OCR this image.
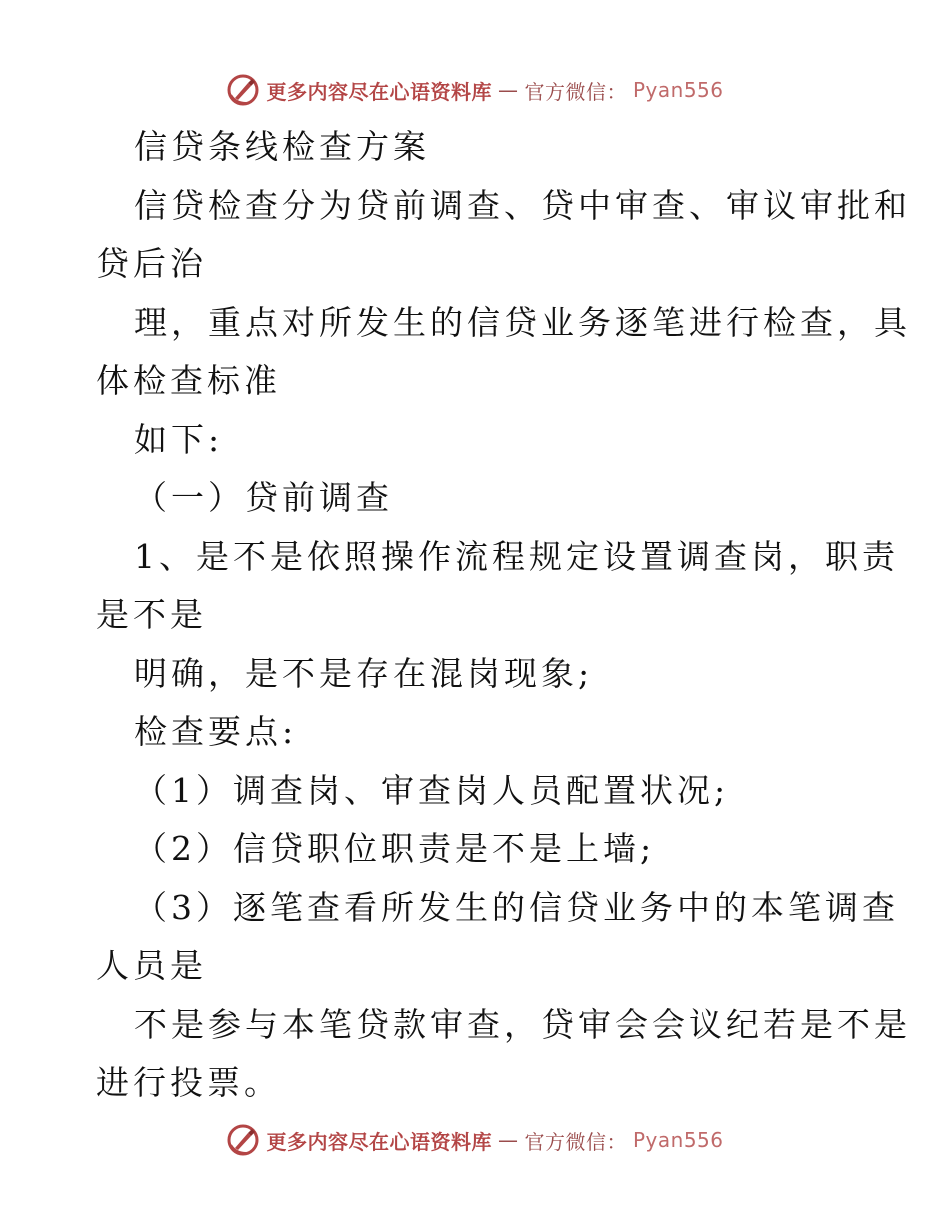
更多内容尽在心语资料库 — 官方微信： Pyan556
信贷条线检查方案
信贷检查分为贷前调查、贷中审查、审议审批和
贷后治
理，重点对所发生的信贷业务逐笔进行检查，具
体检查标准
如下:
（一）贷前调查
1、是不是依照操作流程规定设置调查岗，职责
是不是
明确，是不是存在混岗现象;
检查要点:
（1）调查岗、审查岗人员配置状况;
（2）信贷职位职责是不是上墙;
（3）逐笔查看所发生的信贷业务中的本笔调查
人员是
不是参与本笔贷款审查，贷审会会议纪若是不是
进行投票。
更多内容尽在心语资料库 — 官方微信： Pyan556
